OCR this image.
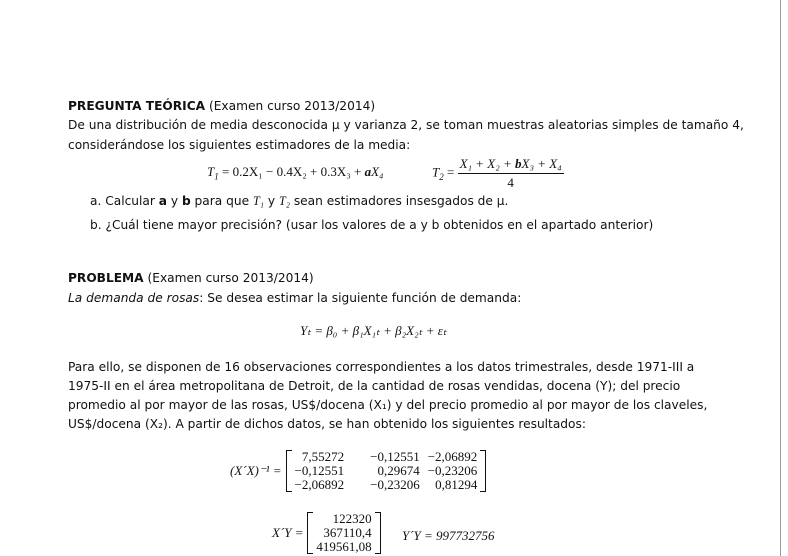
PREGUNTA TEÓRICA (Examen curso 2013/2014)
De una distribución de media desconocida μ y varianza 2, se toman muestras aleatorias simples de tamaño 4,
considerándose los siguientes estimadores de la media:
$T_1 = 0.2X_1 - 0.4X_2 + 0.3X_3 + aX_4$	$T_2 = \frac{\text{X₁ + X₂ + bX₃ + X₄}}{4}$
a. Calcular a y b para que T₁ y T₂ sean estimadores insesgados de μ.
b. ¿Cuál tiene mayor precisión? (usar los valores de a y b obtenidos en el apartado anterior)
PROBLEMA (Examen curso 2013/2014)
La demanda de rosas: Se desea estimar la siguiente función de demanda:
Yₜ = β₀ + β₁X₁ₜ + β₂X₂ₜ + εₜ
Para ello, se disponen de 16 observaciones correspondientes a los datos trimestrales, desde 1971-III a 1975-II en el área metropolitana de Detroit, de la cantidad de rosas vendidas, docena (Y); del precio promedio al por mayor de las rosas, US$/docena (X₁) y del precio promedio al por mayor de los claveles, US$/docena (X₂). A partir de dichos datos, se han obtenido los siguientes resultados:
(X´X)⁻¹ =
7,55272	−0,12551	−2,06892
−0,12551	0,29674	−0,23206
−2,06892	−0,23206	0,81294
X´Y =
122320
367110,4
419561,08
Y´Y = 997732756
